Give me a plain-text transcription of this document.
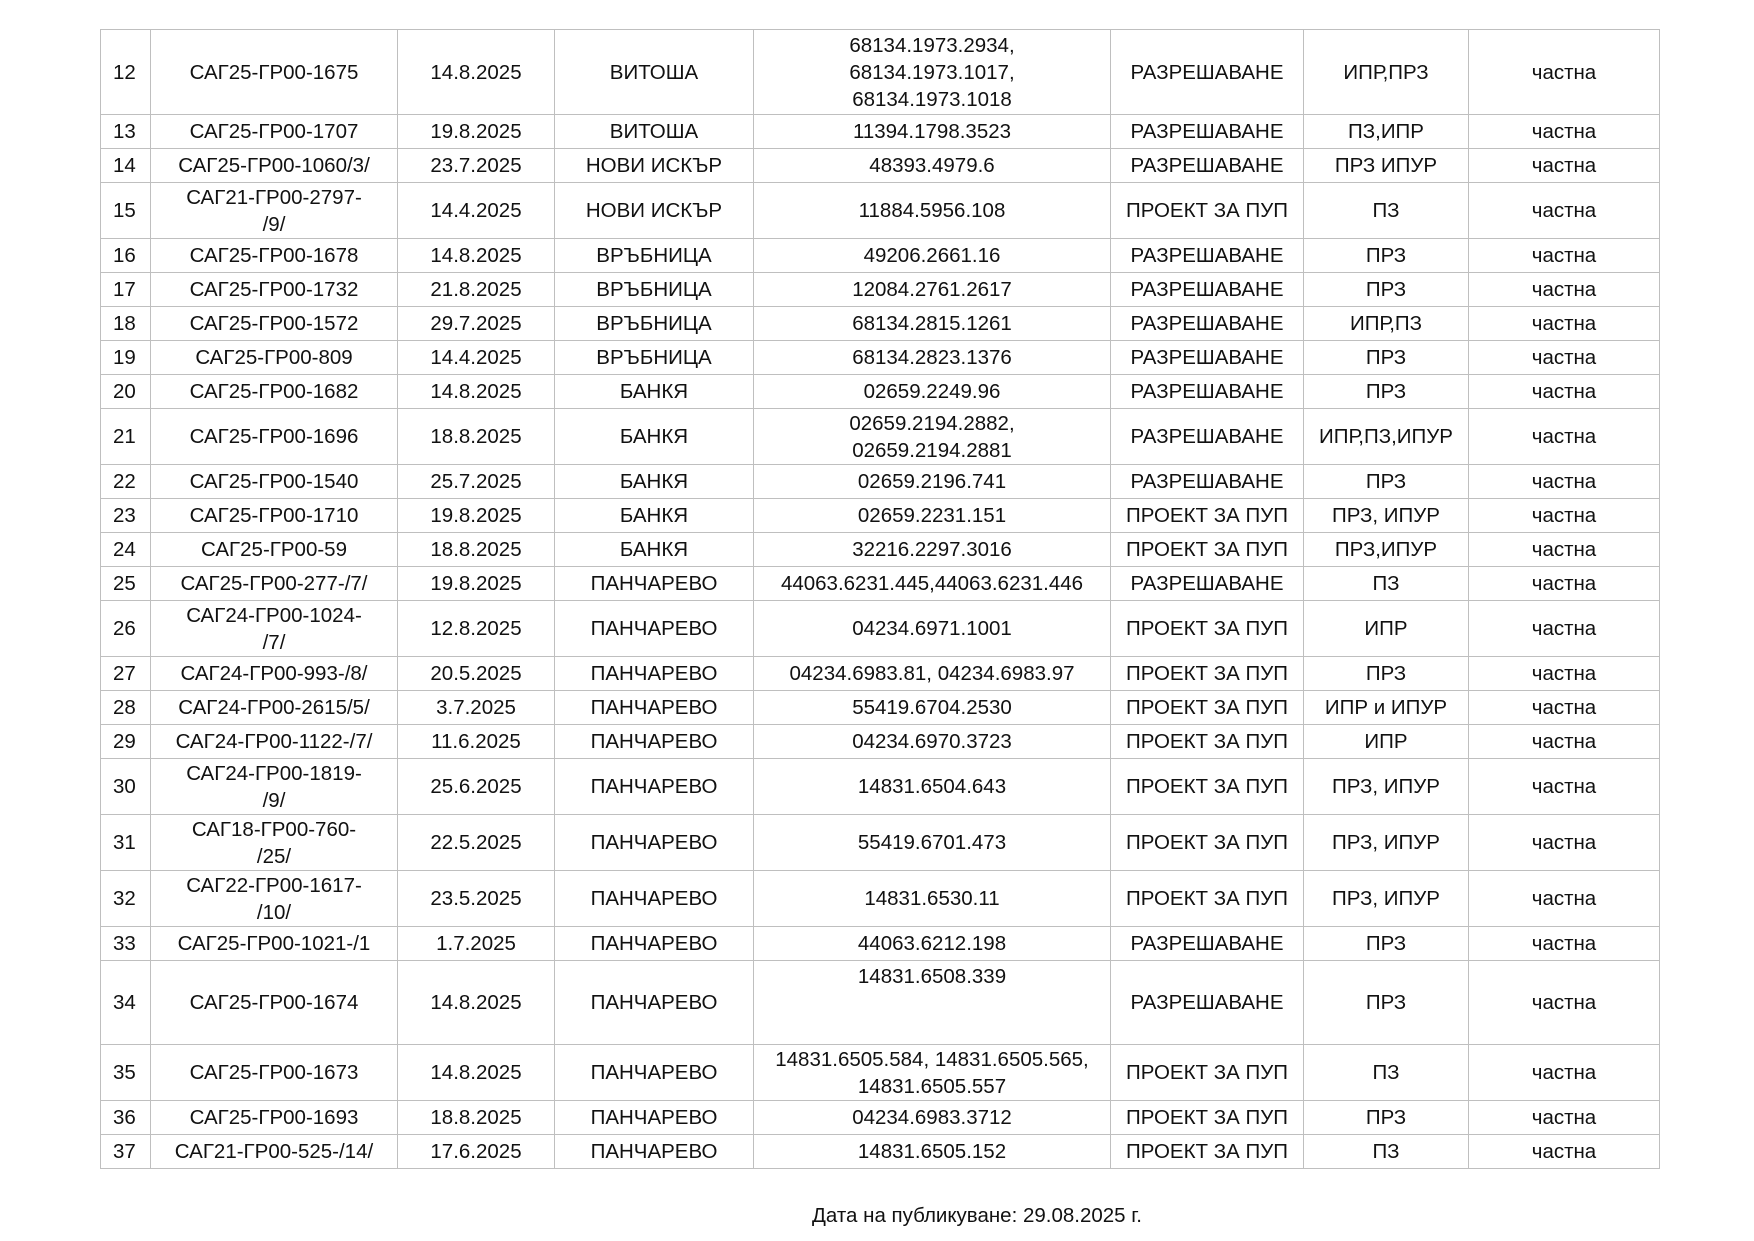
12	САГ25-ГР00-1675	14.8.2025	ВИТОША	68134.1973.2934,
68134.1973.1017,
68134.1973.1018	РАЗРЕШАВАНЕ	ИПР,ПРЗ	частна
13	САГ25-ГР00-1707	19.8.2025	ВИТОША	11394.1798.3523	РАЗРЕШАВАНЕ	ПЗ,ИПР	частна
14	САГ25-ГР00-1060/3/	23.7.2025	НОВИ ИСКЪР	48393.4979.6	РАЗРЕШАВАНЕ	ПРЗ ИПУР	частна
15	САГ21-ГР00-2797-
/9/	14.4.2025	НОВИ ИСКЪР	11884.5956.108	ПРОЕКТ ЗА ПУП	ПЗ	частна
16	САГ25-ГР00-1678	14.8.2025	ВРЪБНИЦА	49206.2661.16	РАЗРЕШАВАНЕ	ПРЗ	частна
17	САГ25-ГР00-1732	21.8.2025	ВРЪБНИЦА	12084.2761.2617	РАЗРЕШАВАНЕ	ПРЗ	частна
18	САГ25-ГР00-1572	29.7.2025	ВРЪБНИЦА	68134.2815.1261	РАЗРЕШАВАНЕ	ИПР,ПЗ	частна
19	САГ25-ГР00-809	14.4.2025	ВРЪБНИЦА	68134.2823.1376	РАЗРЕШАВАНЕ	ПРЗ	частна
20	САГ25-ГР00-1682	14.8.2025	БАНКЯ	02659.2249.96	РАЗРЕШАВАНЕ	ПРЗ	частна
21	САГ25-ГР00-1696	18.8.2025	БАНКЯ	02659.2194.2882,
02659.2194.2881	РАЗРЕШАВАНЕ	ИПР,ПЗ,ИПУР	частна
22	САГ25-ГР00-1540	25.7.2025	БАНКЯ	02659.2196.741	РАЗРЕШАВАНЕ	ПРЗ	частна
23	САГ25-ГР00-1710	19.8.2025	БАНКЯ	02659.2231.151	ПРОЕКТ ЗА ПУП	ПРЗ, ИПУР	частна
24	САГ25-ГР00-59	18.8.2025	БАНКЯ	32216.2297.3016	ПРОЕКТ ЗА ПУП	ПРЗ,ИПУР	частна
25	САГ25-ГР00-277-/7/	19.8.2025	ПАНЧАРЕВО	44063.6231.445,44063.6231.446	РАЗРЕШАВАНЕ	ПЗ	частна
26	САГ24-ГР00-1024-
/7/	12.8.2025	ПАНЧАРЕВО	04234.6971.1001	ПРОЕКТ ЗА ПУП	ИПР	частна
27	САГ24-ГР00-993-/8/	20.5.2025	ПАНЧАРЕВО	04234.6983.81, 04234.6983.97	ПРОЕКТ ЗА ПУП	ПРЗ	частна
28	САГ24-ГР00-2615/5/	3.7.2025	ПАНЧАРЕВО	55419.6704.2530	ПРОЕКТ ЗА ПУП	ИПР и ИПУР	частна
29	САГ24-ГР00-1122-/7/	11.6.2025	ПАНЧАРЕВО	04234.6970.3723	ПРОЕКТ ЗА ПУП	ИПР	частна
30	САГ24-ГР00-1819-
/9/	25.6.2025	ПАНЧАРЕВО	14831.6504.643	ПРОЕКТ ЗА ПУП	ПРЗ, ИПУР	частна
31	САГ18-ГР00-760-
/25/	22.5.2025	ПАНЧАРЕВО	55419.6701.473	ПРОЕКТ ЗА ПУП	ПРЗ, ИПУР	частна
32	САГ22-ГР00-1617-
/10/	23.5.2025	ПАНЧАРЕВО	14831.6530.11	ПРОЕКТ ЗА ПУП	ПРЗ, ИПУР	частна
33	САГ25-ГР00-1021-/1	1.7.2025	ПАНЧАРЕВО	44063.6212.198	РАЗРЕШАВАНЕ	ПРЗ	частна
34	САГ25-ГР00-1674	14.8.2025	ПАНЧАРЕВО	14831.6508.339	РАЗРЕШАВАНЕ	ПРЗ	частна
35	САГ25-ГР00-1673	14.8.2025	ПАНЧАРЕВО	14831.6505.584, 14831.6505.565,
14831.6505.557	ПРОЕКТ ЗА ПУП	ПЗ	частна
36	САГ25-ГР00-1693	18.8.2025	ПАНЧАРЕВО	04234.6983.3712	ПРОЕКТ ЗА ПУП	ПРЗ	частна
37	САГ21-ГР00-525-/14/	17.6.2025	ПАНЧАРЕВО	14831.6505.152	ПРОЕКТ ЗА ПУП	ПЗ	частна
Дата на публикуване: 29.08.2025 г.
